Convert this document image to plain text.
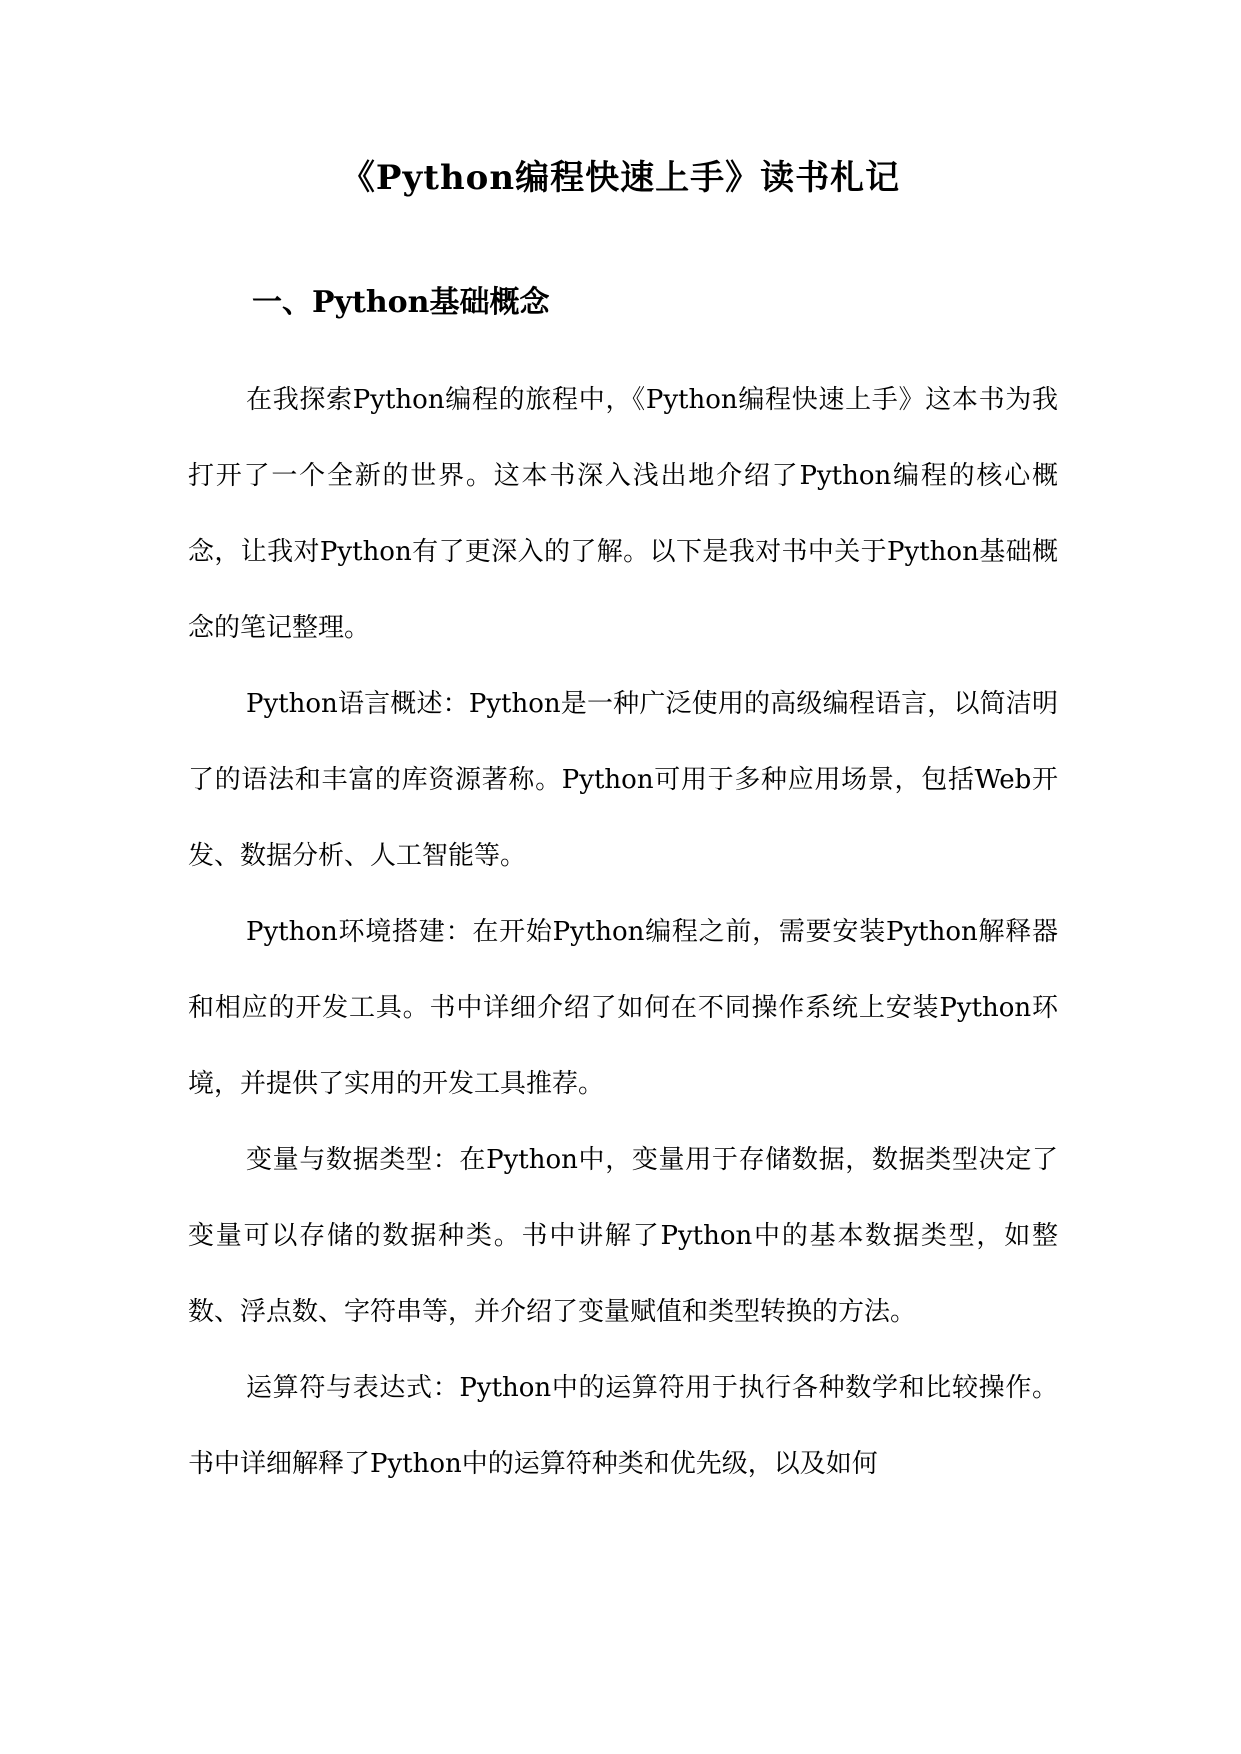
《Python编程快速上手》读书札记
一、Python基础概念

在我探索Python编程的旅程中，《Python编程快速上手》这本书为我打开了一个全新的世界。这本书深入浅出地介绍了Python编程的核心概念，让我对Python有了更深入的了解。以下是我对书中关于Python基础概念的笔记整理。

Python语言概述：Python是一种广泛使用的高级编程语言，以简洁明了的语法和丰富的库资源著称。Python可用于多种应用场景，包括Web开发、数据分析、人工智能等。

Python环境搭建：在开始Python编程之前，需要安装Python解释器和相应的开发工具。书中详细介绍了如何在不同操作系统上安装Python环境，并提供了实用的开发工具推荐。

变量与数据类型：在Python中，变量用于存储数据，数据类型决定了变量可以存储的数据种类。书中讲解了Python中的基本数据类型，如整数、浮点数、字符串等，并介绍了变量赋值和类型转换的方法。

运算符与表达式：Python中的运算符用于执行各种数学和比较操作。书中详细解释了Python中的运算符种类和优先级，以及如何
